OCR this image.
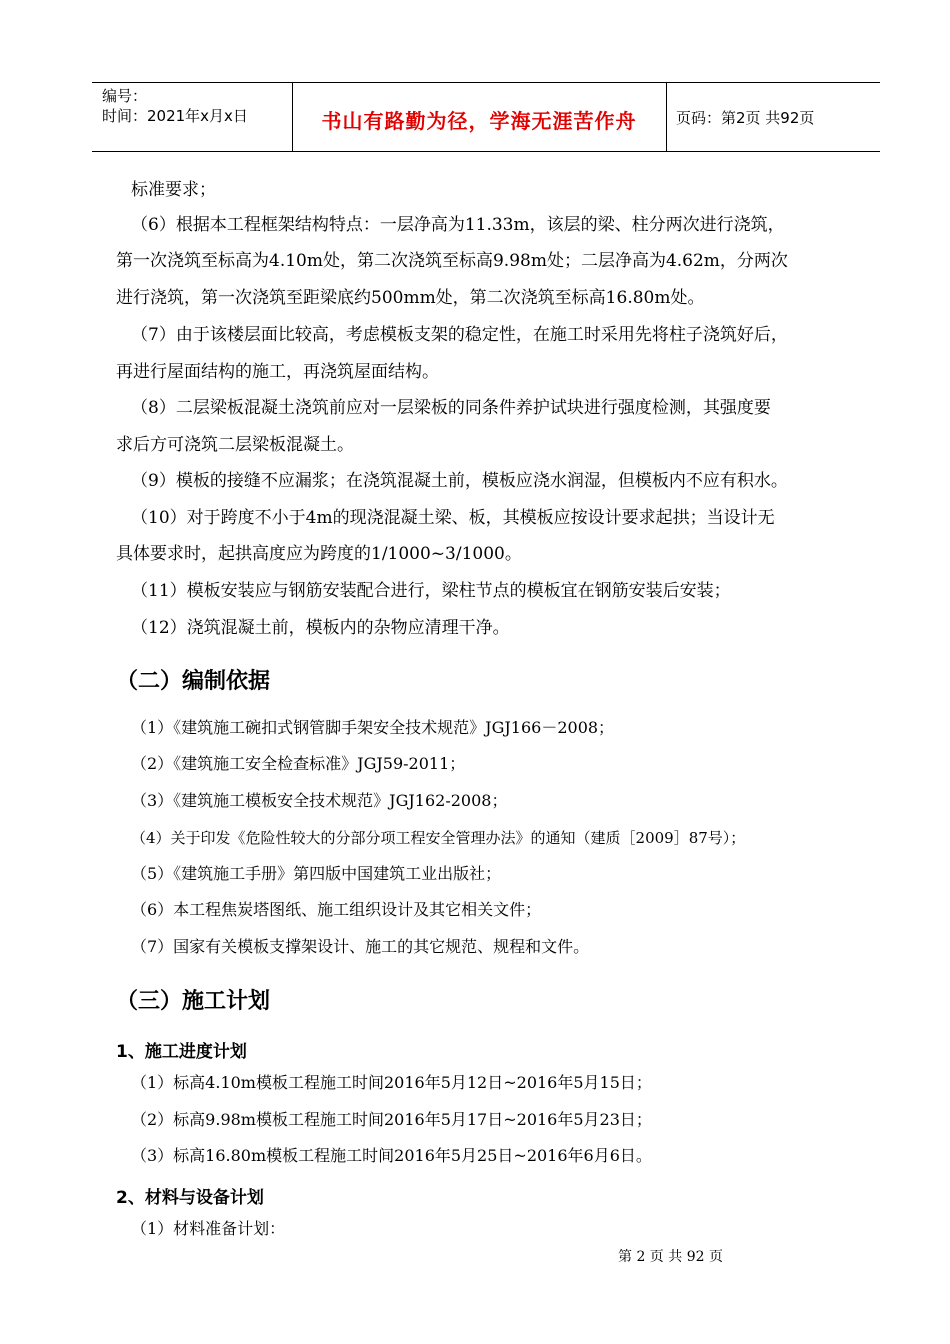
编号：
时间：2021年x月x日	书山有路勤为径，学海无涯苦作舟	页码：第2页 共92页
标准要求；
（6）根据本工程框架结构特点：一层净高为11.33m，该层的梁、柱分两次进行浇筑，
第一次浇筑至标高为4.10m处，第二次浇筑至标高9.98m处；二层净高为4.62m，分两次
进行浇筑，第一次浇筑至距梁底约500mm处，第二次浇筑至标高16.80m处。
（7）由于该楼层面比较高，考虑模板支架的稳定性，在施工时采用先将柱子浇筑好后，
再进行屋面结构的施工，再浇筑屋面结构。
（8）二层梁板混凝土浇筑前应对一层梁板的同条件养护试块进行强度检测，其强度要
求后方可浇筑二层梁板混凝土。
（9）模板的接缝不应漏浆；在浇筑混凝土前，模板应浇水润湿，但模板内不应有积水。
（10）对于跨度不小于4m的现浇混凝土梁、板，其模板应按设计要求起拱；当设计无
具体要求时，起拱高度应为跨度的1/1000~3/1000。
（11）模板安装应与钢筋安装配合进行，梁柱节点的模板宜在钢筋安装后安装；
（12）浇筑混凝土前，模板内的杂物应清理干净。
（二）编制依据
（1）《建筑施工碗扣式钢管脚手架安全技术规范》JGJ166－2008；
（2）《建筑施工安全检查标准》JGJ59-2011；
（3）《建筑施工模板安全技术规范》JGJ162-2008；
（4）关于印发《危险性较大的分部分项工程安全管理办法》的通知（建质［2009］87号）；
（5）《建筑施工手册》第四版中国建筑工业出版社；
（6）本工程焦炭塔图纸、施工组织设计及其它相关文件；
（7）国家有关模板支撑架设计、施工的其它规范、规程和文件。
（三）施工计划
1、施工进度计划
（1）标高4.10m模板工程施工时间2016年5月12日~2016年5月15日；
（2）标高9.98m模板工程施工时间2016年5月17日~2016年5月23日；
（3）标高16.80m模板工程施工时间2016年5月25日~2016年6月6日。
2、材料与设备计划
（1）材料准备计划：
第 2 页 共 92 页
